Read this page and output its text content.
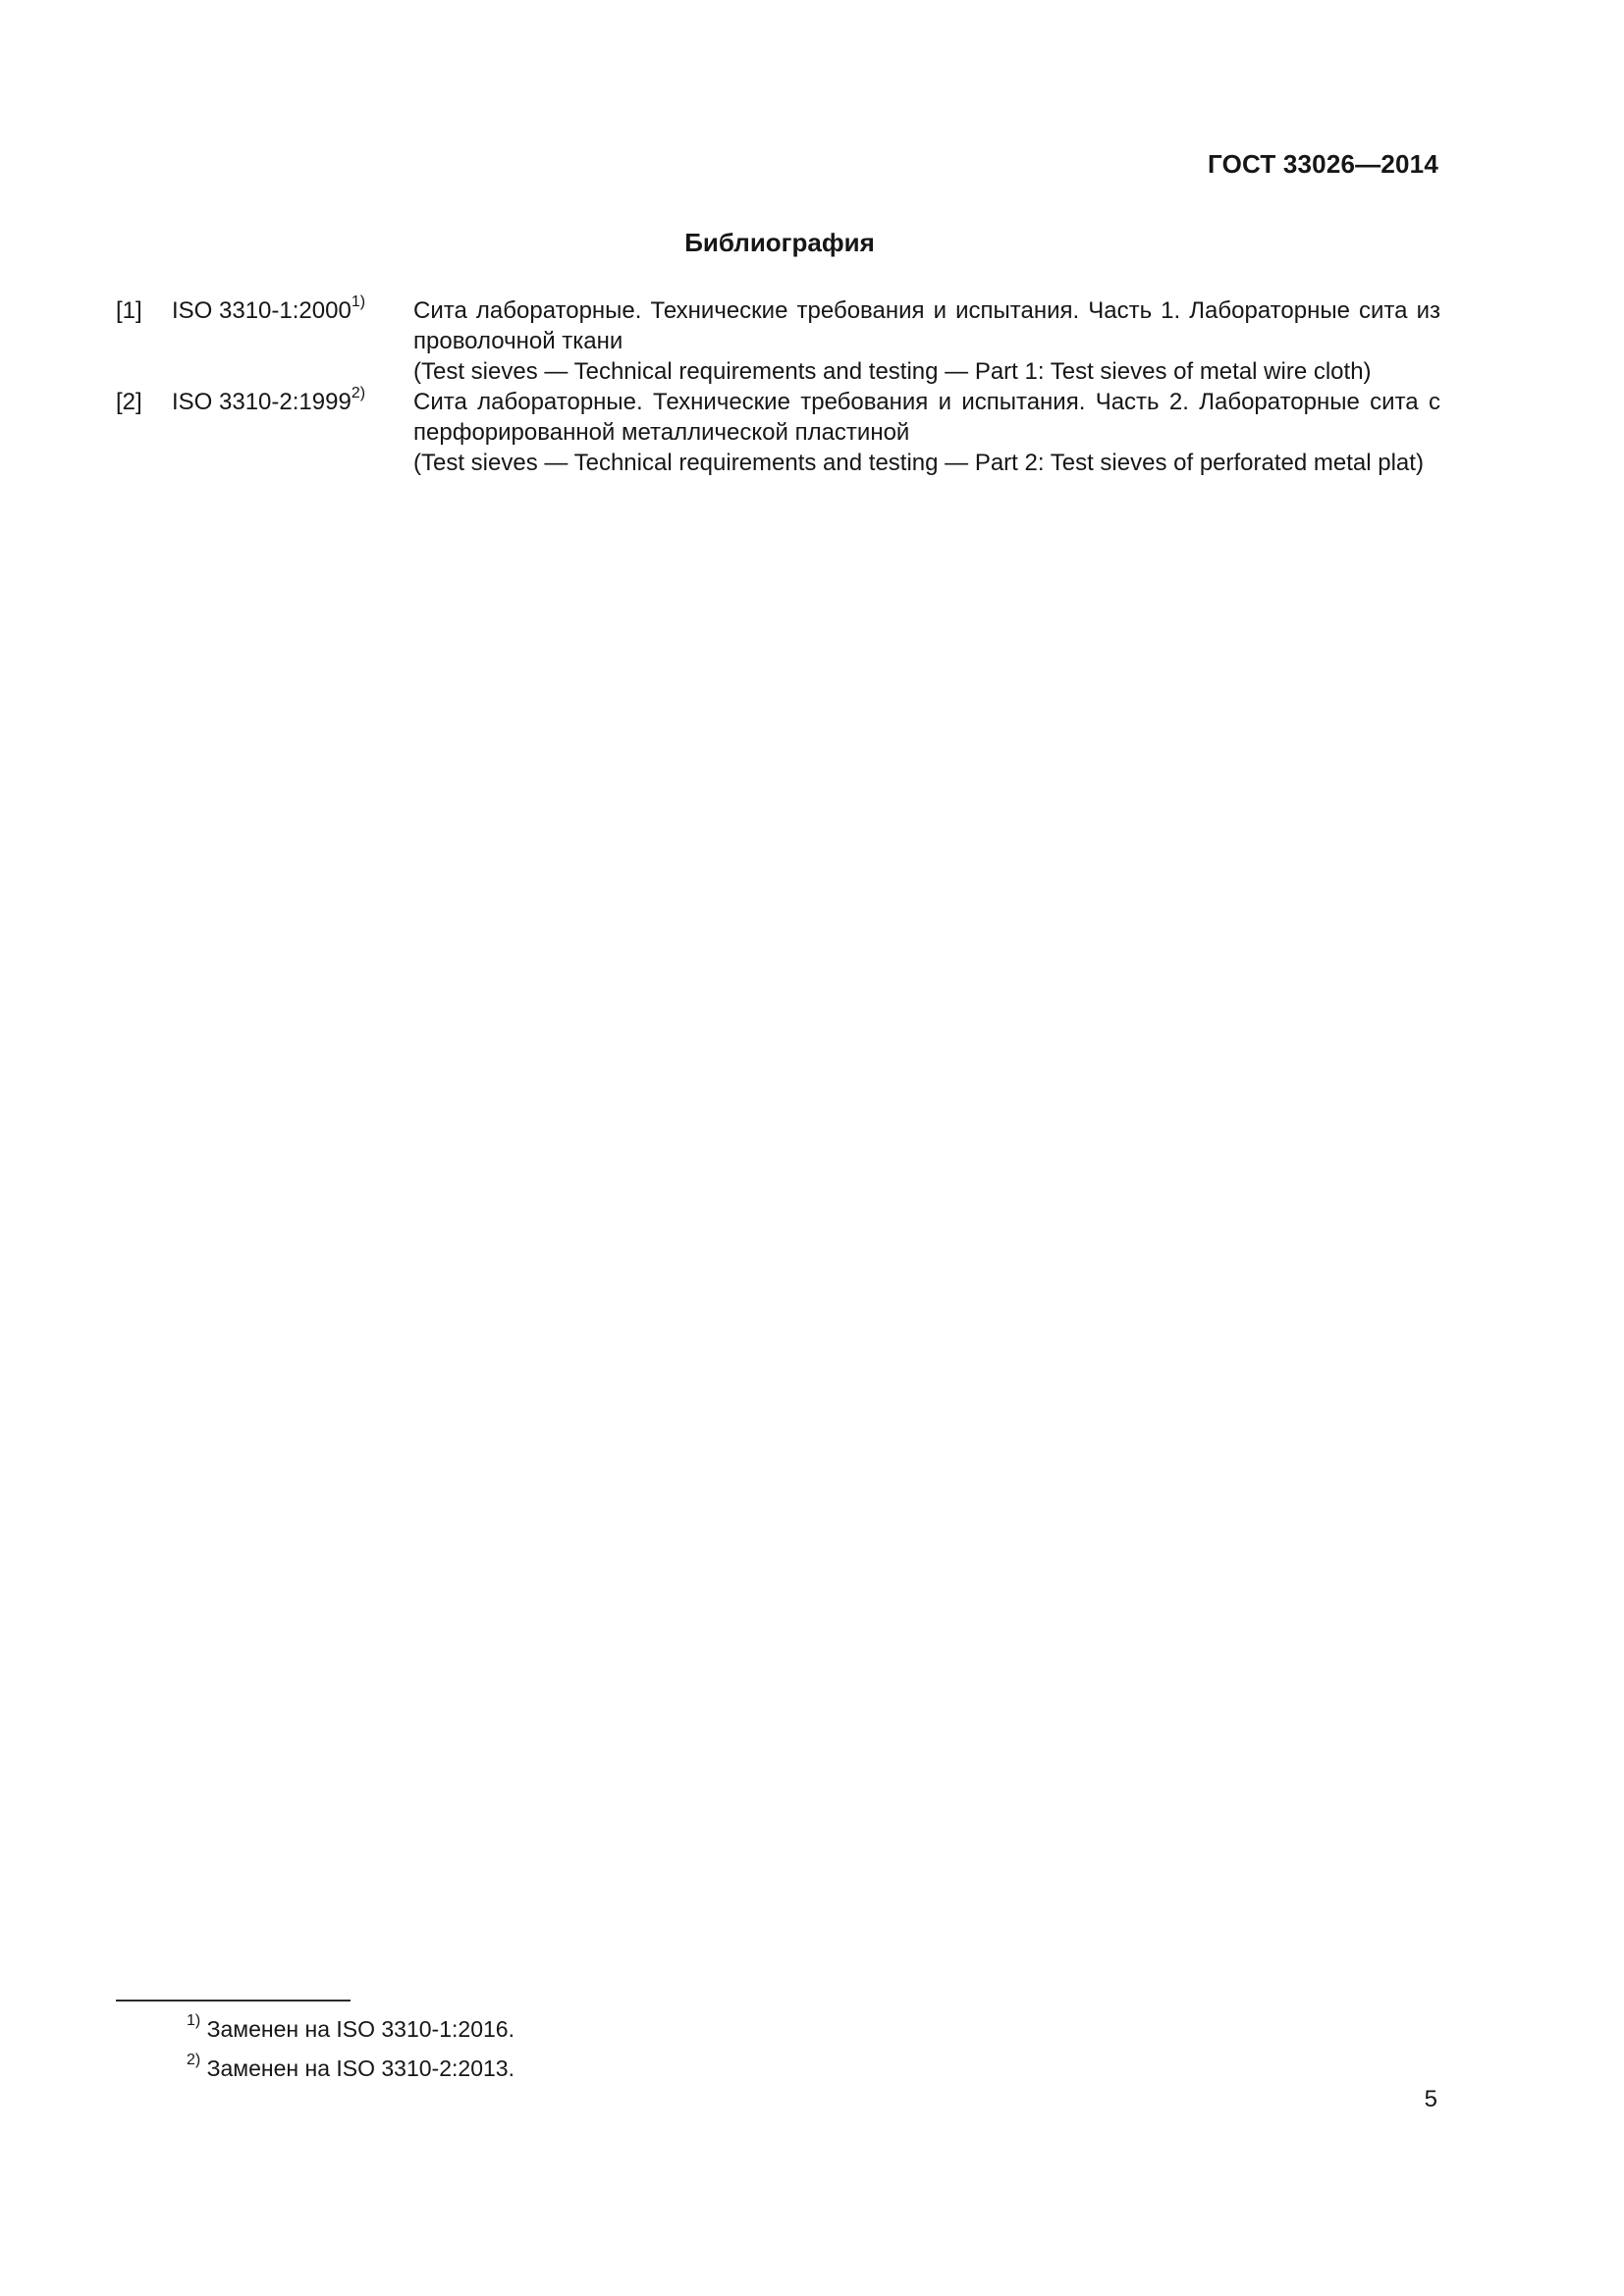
ГОСТ 33026—2014
Библиография
[1]	ISO 3310-1:2000$^{1)}$	Сита лабораторные. Технические требования и испытания. Часть 1. Лабораторные сита из проволочной ткани

(Test sieves — Technical requirements and testing — Part 1: Test sieves of metal wire cloth)

[2]	ISO 3310-2:1999$^{2)}$	Сита лабораторные. Технические требования и испытания. Часть 2. Лабораторные сита с перфорированной металлической пластиной

(Test sieves — Technical requirements and testing — Part 2: Test sieves of perforated metal plat)

$^{1)}$ Заменен на ISO 3310-1:2016.
$^{2)}$ Заменен на ISO 3310-2:2013.
5
